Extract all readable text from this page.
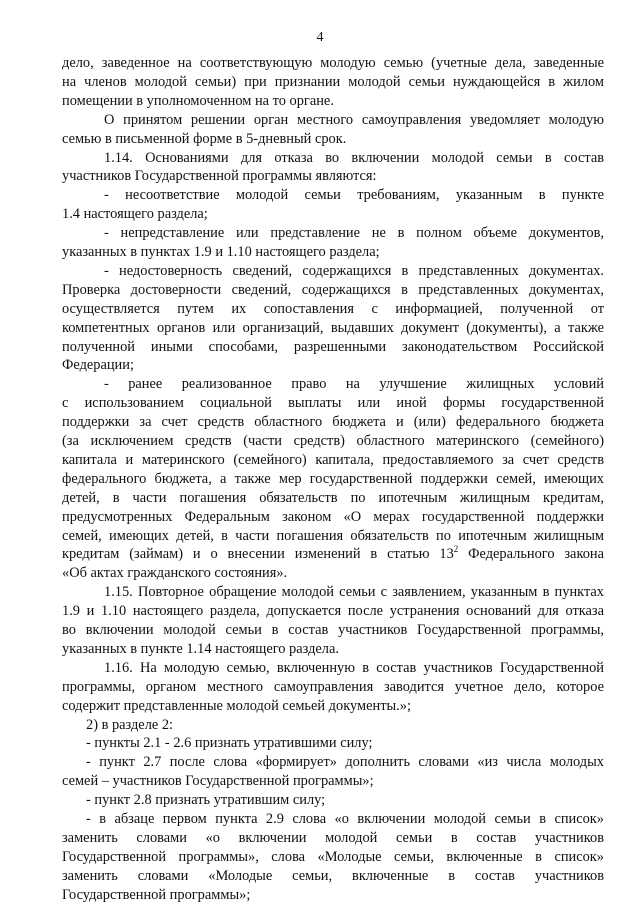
4
дело, заведенное на соответствующую молодую семью (учетные дела, заведенные
на членов молодой семьи) при признании молодой семьи нуждающейся в жилом
помещении в уполномоченном на то органе.
О принятом решении орган местного самоуправления уведомляет молодую
семью в письменной форме в 5-дневный срок.
1.14. Основаниями для отказа во включении молодой семьи в состав
участников Государственной программы являются:
- несоответствие молодой семьи требованиям, указанным в пункте
1.4 настоящего раздела;
- непредставление или представление не в полном объеме документов,
указанных в пунктах 1.9 и 1.10 настоящего раздела;
- недостоверность сведений, содержащихся в представленных документах.
Проверка достоверности сведений, содержащихся в представленных документах,
осуществляется путем их сопоставления с информацией, полученной от
компетентных органов или организаций, выдавших документ (документы), а также
полученной иными способами, разрешенными законодательством Российской
Федерации;
- ранее реализованное право на улучшение жилищных условий
с использованием социальной выплаты или иной формы государственной
поддержки за счет средств областного бюджета и (или) федерального бюджета
(за исключением средств (части средств) областного материнского (семейного)
капитала и материнского (семейного) капитала, предоставляемого за счет средств
федерального бюджета, а также мер государственной поддержки семей, имеющих
детей, в части погашения обязательств по ипотечным жилищным кредитам,
предусмотренных Федеральным законом «О мерах государственной поддержки
семей, имеющих детей, в части погашения обязательств по ипотечным жилищным
кредитам (займам) и о внесении изменений в статью $13^2$ Федерального закона
«Об актах гражданского состояния».
1.15. Повторное обращение молодой семьи с заявлением, указанным в пунктах
1.9 и 1.10 настоящего раздела, допускается после устранения оснований для отказа
во включении молодой семьи в состав участников Государственной программы,
указанных в пункте 1.14 настоящего раздела.
1.16. На молодую семью, включенную в состав участников Государственной
программы, органом местного самоуправления заводится учетное дело, которое
содержит представленные молодой семьей документы.»;
2) в разделе 2:
- пункты 2.1 - 2.6 признать утратившими силу;
- пункт 2.7 после слова «формирует» дополнить словами «из числа молодых
семей – участников Государственной программы»;
- пункт 2.8 признать утратившим силу;
- в абзаце первом пункта 2.9 слова «о включении молодой семьи в список»
заменить словами «о включении молодой семьи в состав участников
Государственной программы», слова «Молодые семьи, включенные в список»
заменить словами «Молодые семьи, включенные в состав участников
Государственной программы»;
